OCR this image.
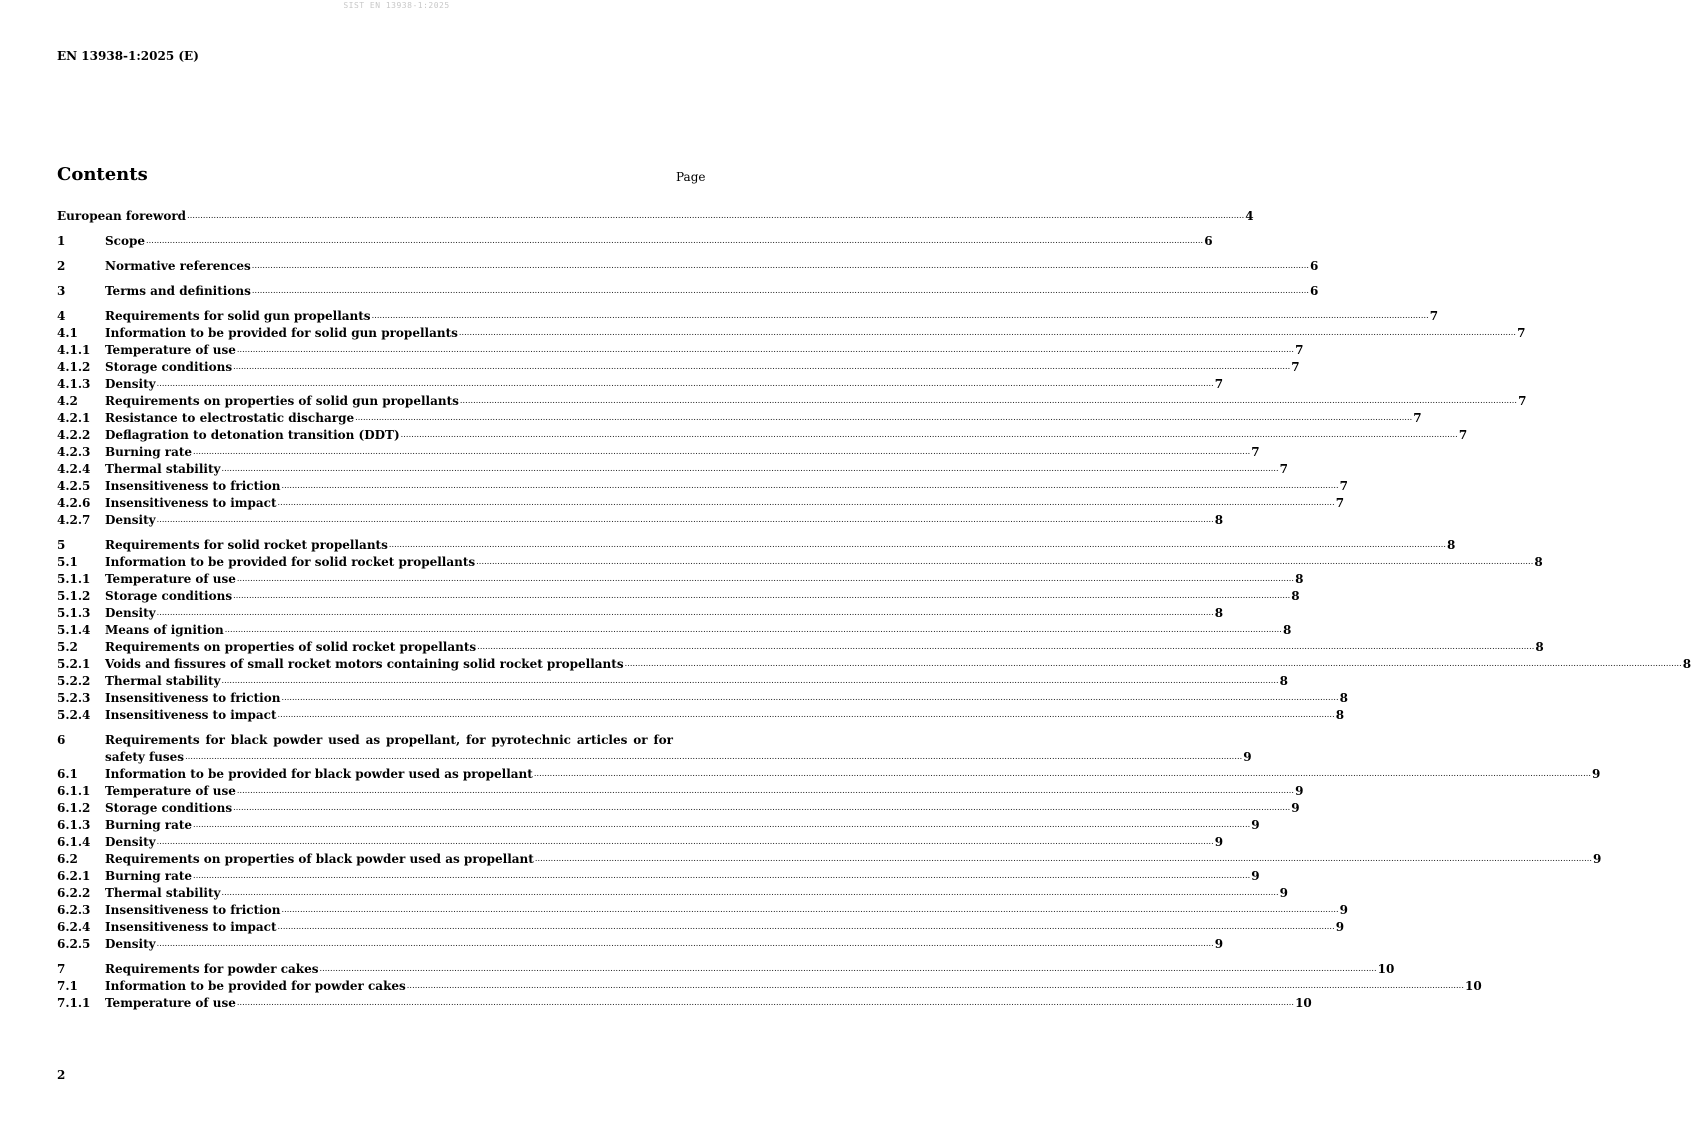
SIST EN 13938-1:2025
EN 13938-1:2025 (E)
Contents	Page
European foreword ................................................................................................................................................................................................................................................................................................................................................................................................................ 4
1	Scope ................................................................................................................................................................................................................................................................................................................................................................................................................ 6
2	Normative references ................................................................................................................................................................................................................................................................................................................................................................................................................ 6
3	Terms and definitions ................................................................................................................................................................................................................................................................................................................................................................................................................ 6
4	Requirements for solid gun propellants ................................................................................................................................................................................................................................................................................................................................................................................................................ 7
4.1	Information to be provided for solid gun propellants ................................................................................................................................................................................................................................................................................................................................................................................................................ 7
4.1.1	Temperature of use ................................................................................................................................................................................................................................................................................................................................................................................................................ 7
4.1.2	Storage conditions ................................................................................................................................................................................................................................................................................................................................................................................................................ 7
4.1.3	Density ................................................................................................................................................................................................................................................................................................................................................................................................................ 7
4.2	Requirements on properties of solid gun propellants ................................................................................................................................................................................................................................................................................................................................................................................................................ 7
4.2.1	Resistance to electrostatic discharge ................................................................................................................................................................................................................................................................................................................................................................................................................ 7
4.2.2	Deflagration to detonation transition (DDT) ................................................................................................................................................................................................................................................................................................................................................................................................................ 7
4.2.3	Burning rate ................................................................................................................................................................................................................................................................................................................................................................................................................ 7
4.2.4	Thermal stability ................................................................................................................................................................................................................................................................................................................................................................................................................ 7
4.2.5	Insensitiveness to friction ................................................................................................................................................................................................................................................................................................................................................................................................................ 7
4.2.6	Insensitiveness to impact ................................................................................................................................................................................................................................................................................................................................................................................................................ 7
4.2.7	Density ................................................................................................................................................................................................................................................................................................................................................................................................................ 8
5	Requirements for solid rocket propellants ................................................................................................................................................................................................................................................................................................................................................................................................................ 8
5.1	Information to be provided for solid rocket propellants ................................................................................................................................................................................................................................................................................................................................................................................................................ 8
5.1.1	Temperature of use ................................................................................................................................................................................................................................................................................................................................................................................................................ 8
5.1.2	Storage conditions ................................................................................................................................................................................................................................................................................................................................................................................................................ 8
5.1.3	Density ................................................................................................................................................................................................................................................................................................................................................................................................................ 8
5.1.4	Means of ignition ................................................................................................................................................................................................................................................................................................................................................................................................................ 8
5.2	Requirements on properties of solid rocket propellants ................................................................................................................................................................................................................................................................................................................................................................................................................ 8
5.2.1	Voids and fissures of small rocket motors containing solid rocket propellants ................................................................................................................................................................................................................................................................................................................................................................................................................ 8
5.2.2	Thermal stability ................................................................................................................................................................................................................................................................................................................................................................................................................ 8
5.2.3	Insensitiveness to friction ................................................................................................................................................................................................................................................................................................................................................................................................................ 8
5.2.4	Insensitiveness to impact ................................................................................................................................................................................................................................................................................................................................................................................................................ 8
6	Requirements for black powder used as propellant, for pyrotechnic articles or for
safety fuses ................................................................................................................................................................................................................................................................................................................................................................................................................ 9
6.1	Information to be provided for black powder used as propellant ................................................................................................................................................................................................................................................................................................................................................................................................................ 9
6.1.1	Temperature of use ................................................................................................................................................................................................................................................................................................................................................................................................................ 9
6.1.2	Storage conditions ................................................................................................................................................................................................................................................................................................................................................................................................................ 9
6.1.3	Burning rate ................................................................................................................................................................................................................................................................................................................................................................................................................ 9
6.1.4	Density ................................................................................................................................................................................................................................................................................................................................................................................................................ 9
6.2	Requirements on properties of black powder used as propellant ................................................................................................................................................................................................................................................................................................................................................................................................................ 9
6.2.1	Burning rate ................................................................................................................................................................................................................................................................................................................................................................................................................ 9
6.2.2	Thermal stability ................................................................................................................................................................................................................................................................................................................................................................................................................ 9
6.2.3	Insensitiveness to friction ................................................................................................................................................................................................................................................................................................................................................................................................................ 9
6.2.4	Insensitiveness to impact ................................................................................................................................................................................................................................................................................................................................................................................................................ 9
6.2.5	Density ................................................................................................................................................................................................................................................................................................................................................................................................................ 9
7	Requirements for powder cakes ................................................................................................................................................................................................................................................................................................................................................................................................................ 10
7.1	Information to be provided for powder cakes ................................................................................................................................................................................................................................................................................................................................................................................................................ 10
7.1.1	Temperature of use ................................................................................................................................................................................................................................................................................................................................................................................................................ 10
2
